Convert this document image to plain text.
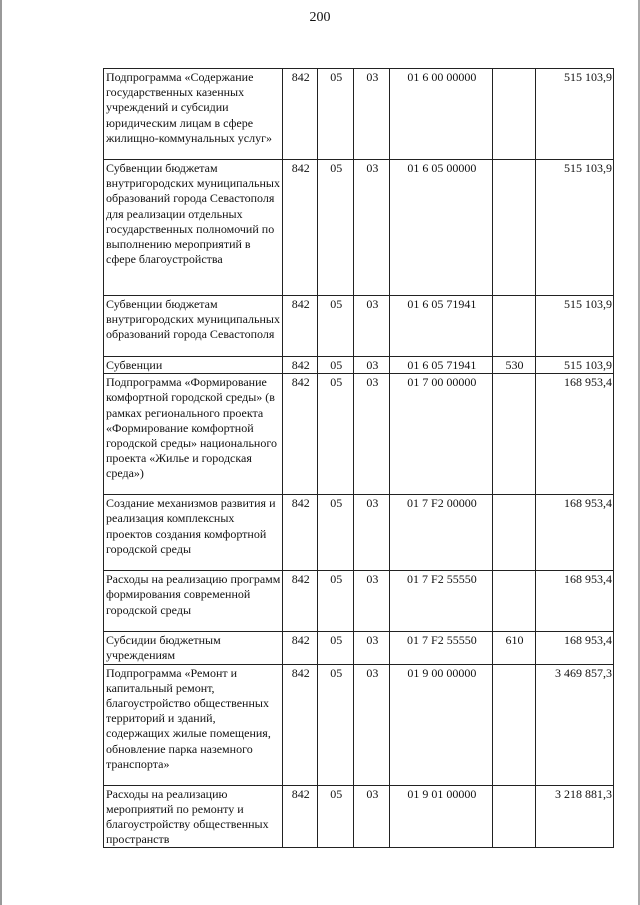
200
Подпрограмма «Содержание государственных казенных учреждений и субсидии юридическим лицам в сфере жилищно-коммунальных услуг»	842	05	03	01 6 00 00000		515 103,9
Субвенции бюджетам внутригородских муниципальных образований города Севастополя для реализации отдельных государственных полномочий по выполнению мероприятий в сфере благоустройства	842	05	03	01 6 05 00000		515 103,9
Субвенции бюджетам внутригородских муниципальных образований города Севастополя	842	05	03	01 6 05 71941		515 103,9
Субвенции	842	05	03	01 6 05 71941	530	515 103,9
Подпрограмма «Формирование комфортной городской среды» (в рамках регионального проекта «Формирование комфортной городской среды» национального проекта «Жилье и городская среда»)	842	05	03	01 7 00 00000		168 953,4
Создание механизмов развития и реализация комплексных проектов создания комфортной городской среды	842	05	03	01 7 F2 00000		168 953,4
Расходы на реализацию программ формирования современной городской среды	842	05	03	01 7 F2 55550		168 953,4
Субсидии бюджетным учреждениям	842	05	03	01 7 F2 55550	610	168 953,4
Подпрограмма «Ремонт и капитальный ремонт, благоустройство общественных территорий и зданий, содержащих жилые помещения, обновление парка наземного транспорта»	842	05	03	01 9 00 00000		3 469 857,3
Расходы на реализацию мероприятий по ремонту и благоустройству общественных пространств	842	05	03	01 9 01 00000		3 218 881,3
